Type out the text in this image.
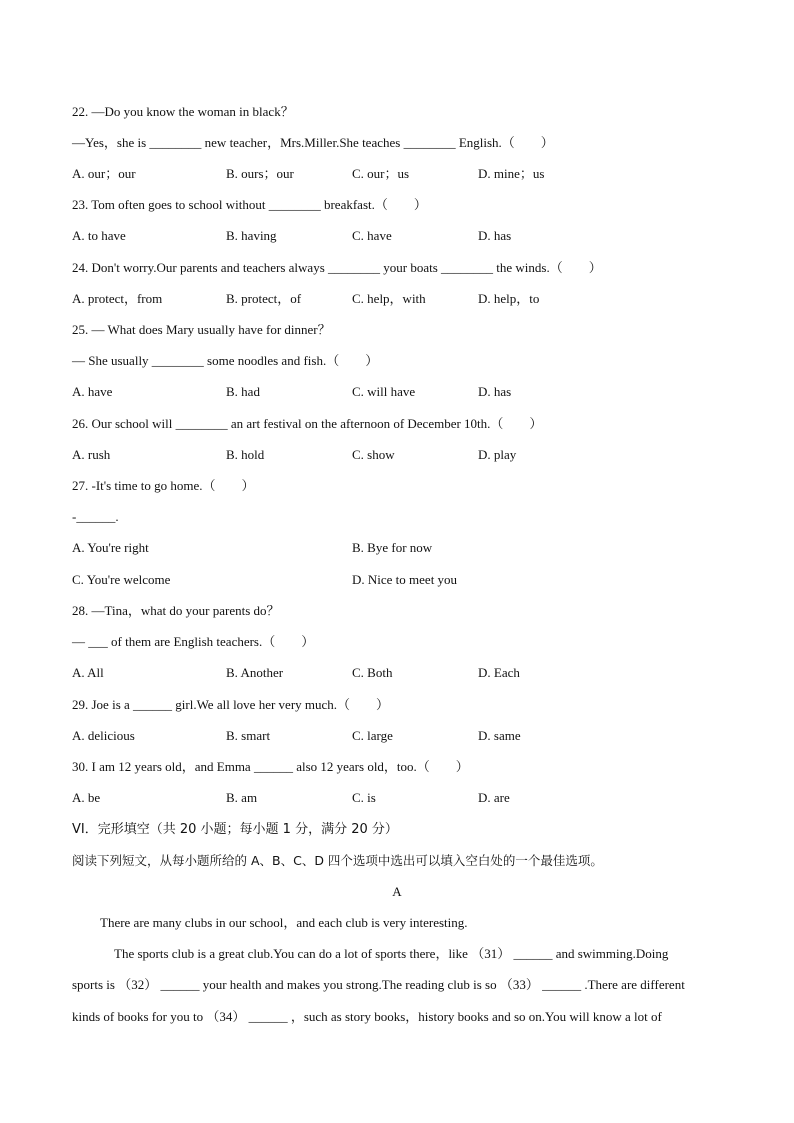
22. —Do you know the woman in black？
—Yes，she is ________ new teacher，Mrs.Miller.She teaches ________ English.（　　）
A. our；our	B. ours；our	C. our；us	D. mine；us
23. Tom often goes to school without ________ breakfast.（　　）
A. to have	B. having	C. have	D. has
24. Don't worry.Our parents and teachers always ________ your boats ________ the winds.（　　）
A. protect，from	B. protect，of	C. help，with	D. help，to
25. — What does Mary usually have for dinner？
— She usually ________ some noodles and fish.（　　）
A. have	B. had	C. will have	D. has
26. Our school will ________ an art festival on the afternoon of December 10th.（　　）
A. rush	B. hold	C. show	D. play
27. -It's time to go home.（　　）
-______.
A. You're right	B. Bye for now
C. You're welcome	D. Nice to meet you
28. —Tina，what do your parents do？
— ___ of them are English teachers.（　　）
A. All	B. Another	C. Both	D. Each
29. Joe is a ______ girl.We all love her very much.（　　）
A. delicious	B. smart	C. large	D. same
30. I am 12 years old，and Emma ______ also 12 years old，too.（　　）
A. be	B. am	C. is	D. are
VI．完形填空（共 20 小题；每小题 1 分，满分 20 分）
阅读下列短文，从每小题所给的 A、B、C、D 四个选项中选出可以填入空白处的一个最佳选项。
A
There are many clubs in our school，and each club is very interesting.
The sports club is a great club.You can do a lot of sports there，like （31） ______ and swimming.Doing
sports is （32） ______ your health and makes you strong.The reading club is so （33） ______ .There are different
kinds of books for you to （34） ______ ，such as story books，history books and so on.You will know a lot of
